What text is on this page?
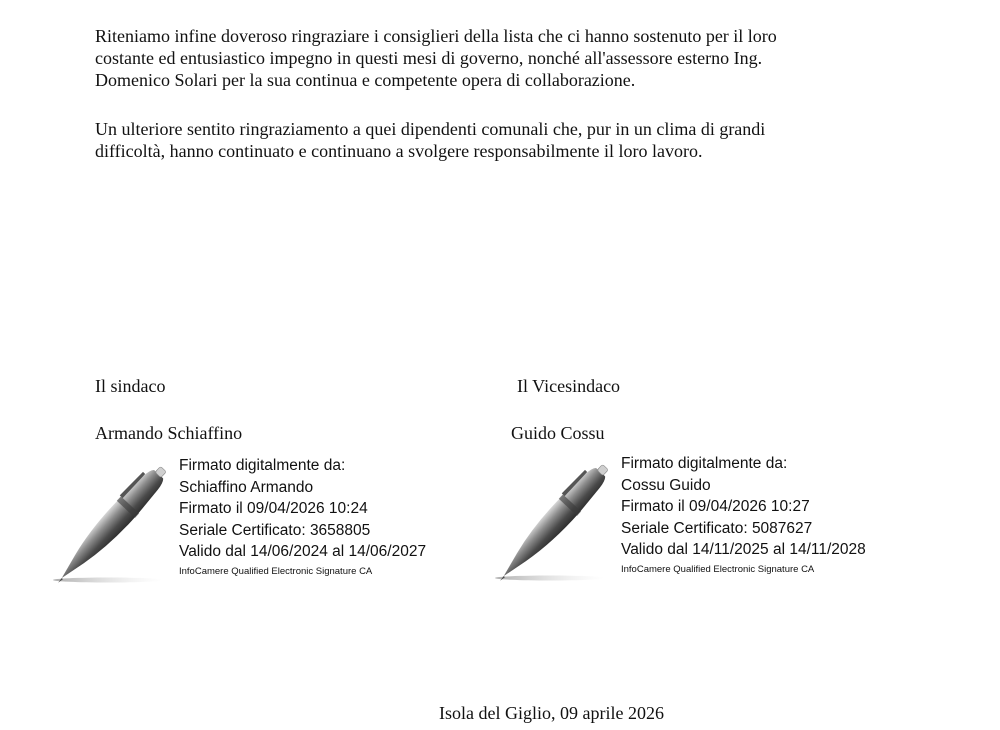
Riteniamo infine doveroso ringraziare i consiglieri della lista che ci hanno sostenuto per il loro
costante ed entusiastico impegno in questi mesi di governo, nonché all'assessore esterno Ing.
Domenico Solari per la sua continua e competente opera di collaborazione.
Un ulteriore sentito ringraziamento a quei dipendenti comunali che, pur in un clima di grandi
difficoltà, hanno continuato e continuano a svolgere responsabilmente il loro lavoro.
Il sindaco
Armando Schiaffino
Firmato digitalmente da:
Schiaffino Armando
Firmato il 09/04/2026 10:24
Seriale Certificato: 3658805
Valido dal 14/06/2024 al 14/06/2027
InfoCamere Qualified Electronic Signature CA
Il Vicesindaco
Guido Cossu
Firmato digitalmente da:
Cossu Guido
Firmato il 09/04/2026 10:27
Seriale Certificato: 5087627
Valido dal 14/11/2025 al 14/11/2028
InfoCamere Qualified Electronic Signature CA
Isola del Giglio, 09 aprile 2026
